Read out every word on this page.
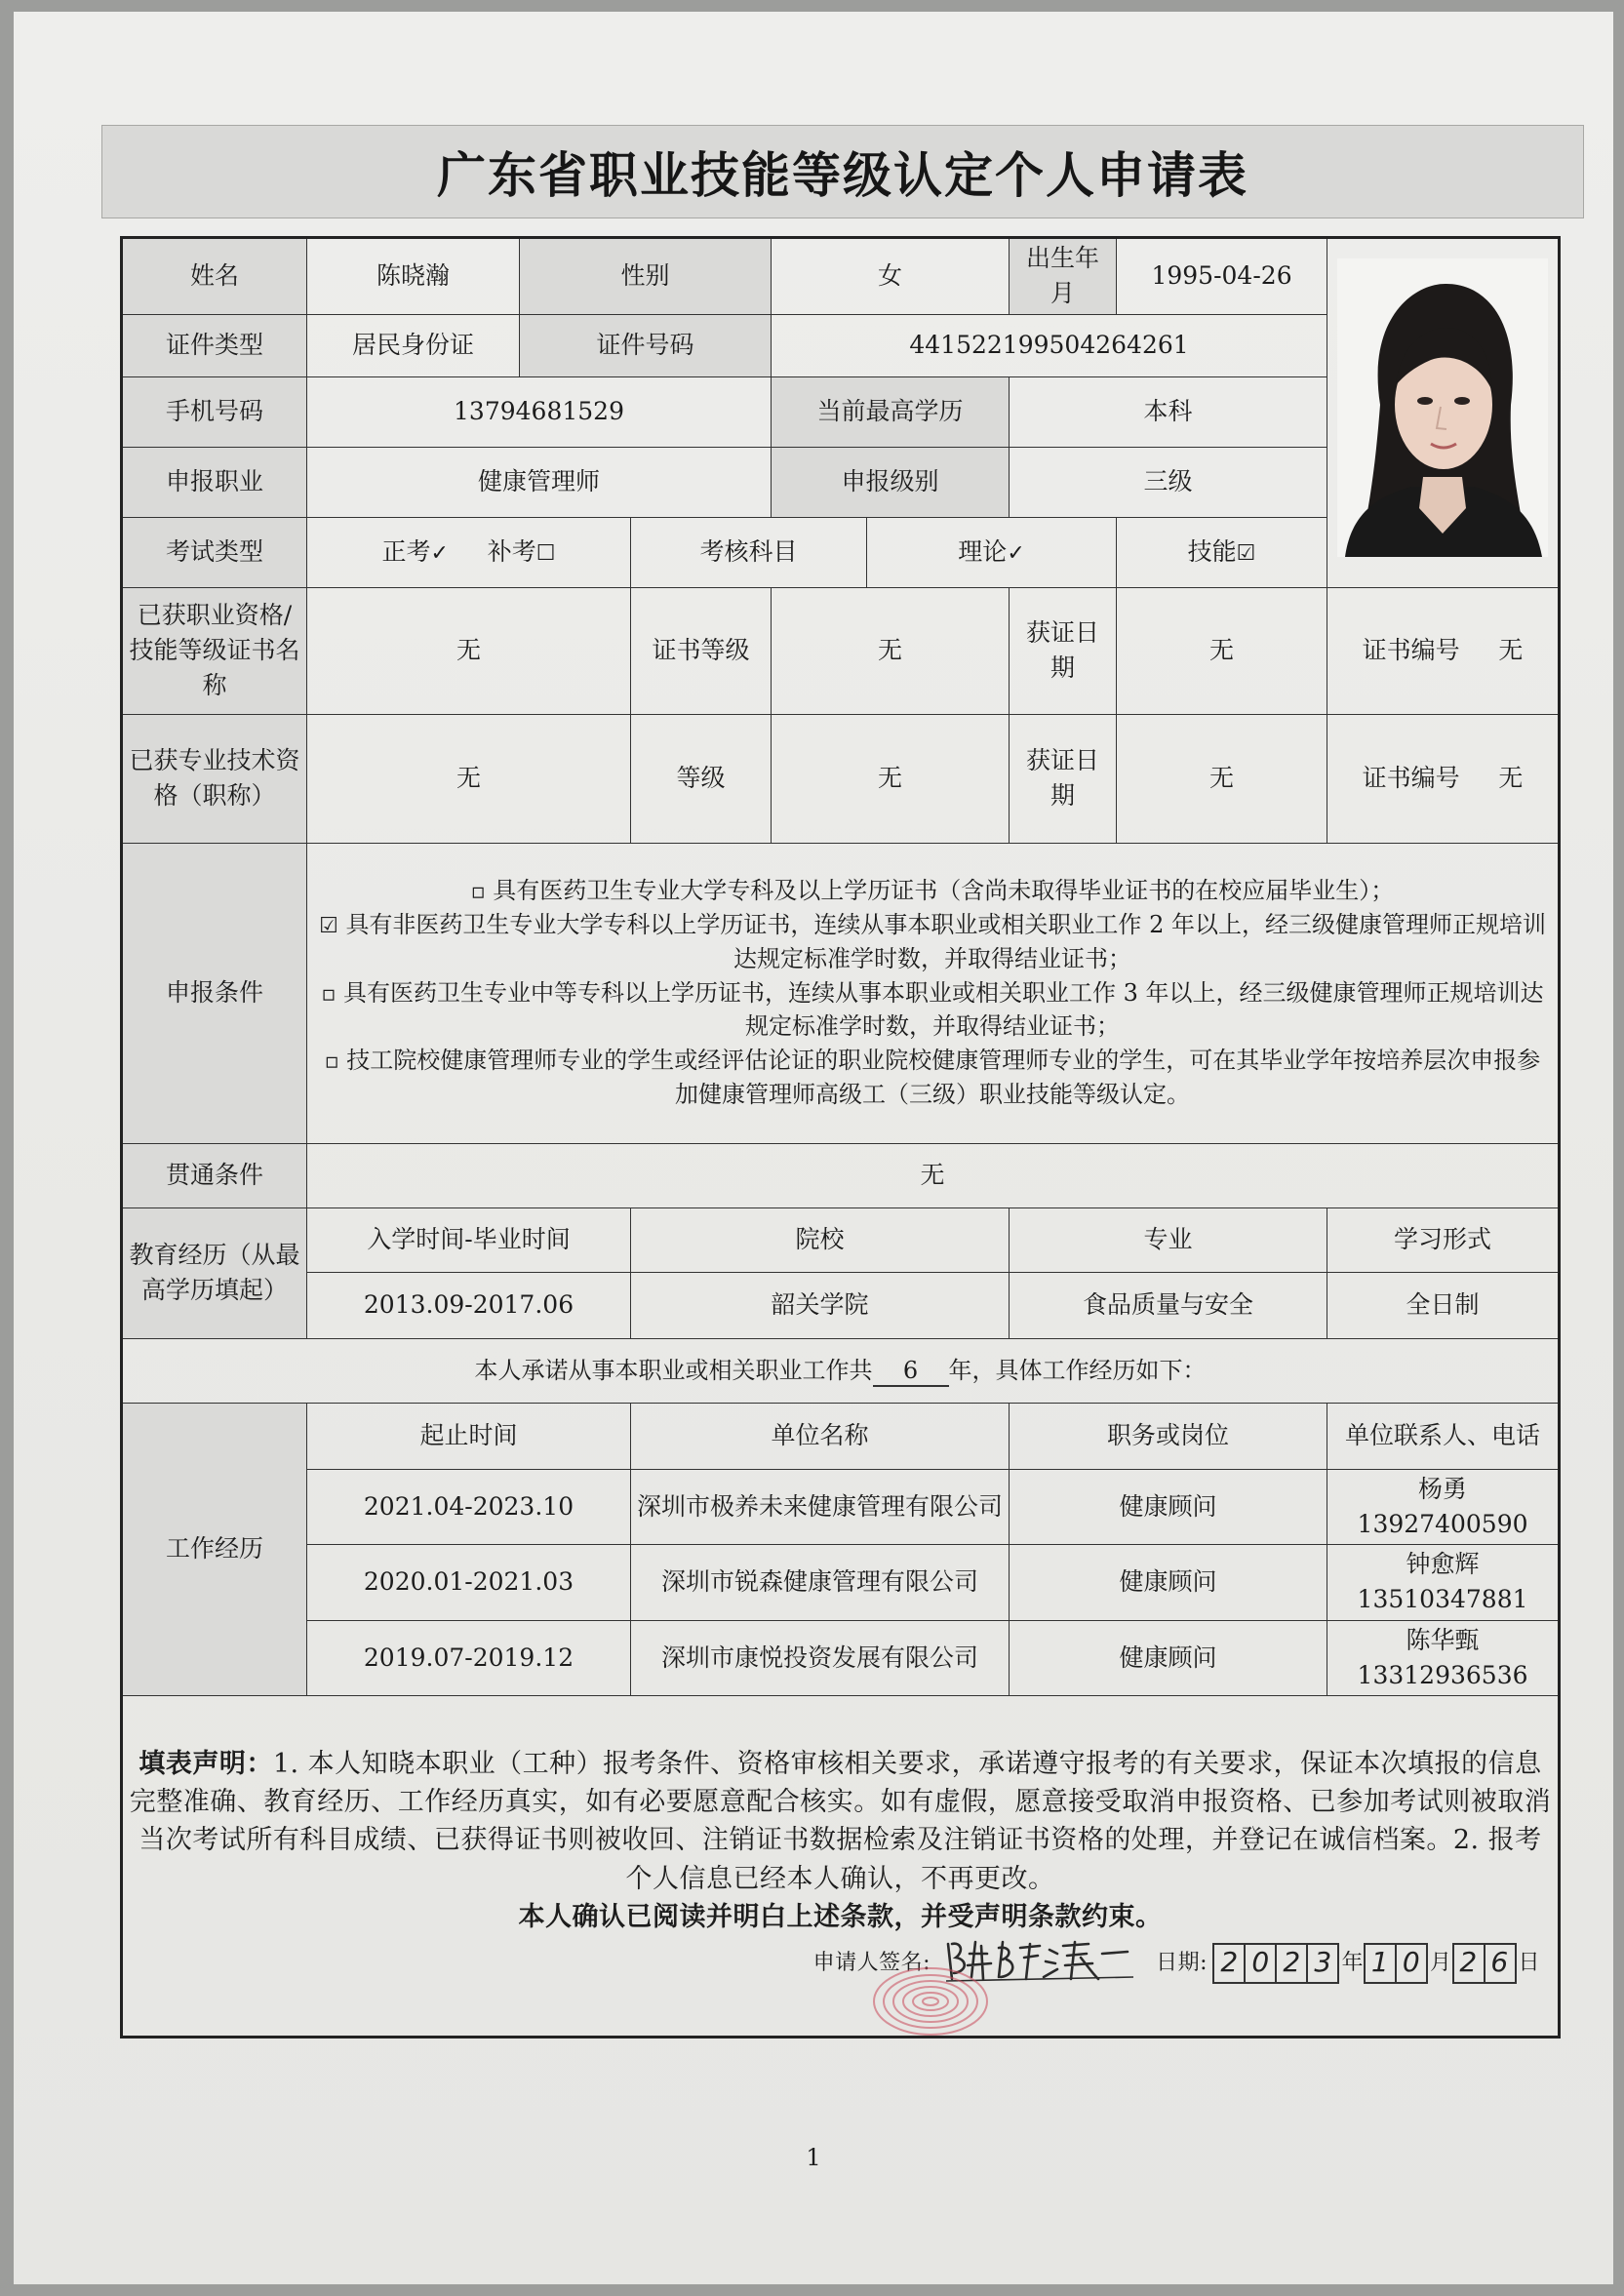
广东省职业技能等级认定个人申请表
姓名	陈晓瀚	性别		女		出生年月	1995-04-26	
证件类型	居民身份证	证件号码		441522199504264261				
手机号码	13794681529			当前最高学历		本科		
申报职业	健康管理师			申报级别		三级		
考试类型	正考✓ 补考☐		考核科目		理论✓		技能☑	
已获职业资格/技能等级证书名称	无		证书等级	无		获证日期	无	证书编号 无
已获专业技术资格（职称）	无		等级	无		获证日期	无	证书编号 无
申报条件	▫ 具有医药卫生专业大学专科及以上学历证书（含尚未取得毕业证书的在校应届毕业生）；
☑ 具有非医药卫生专业大学专科以上学历证书，连续从事本职业或相关职业工作 2 年以上，经三级健康管理师正规培训达规定标准学时数，并取得结业证书；
▫ 具有医药卫生专业中等专科以上学历证书，连续从事本职业或相关职业工作 3 年以上，经三级健康管理师正规培训达规定标准学时数，并取得结业证书；
▫ 技工院校健康管理师专业的学生或经评估论证的职业院校健康管理师专业的学生，可在其毕业学年按培养层次申报参加健康管理师高级工（三级）职业技能等级认定。							

贯通条件	无							
教育经历（从最高学历填起）	入学时间-毕业时间		院校			专业		学习形式
	2013.09-2017.06		韶关学院			食品质量与安全		全日制
本人承诺从事本职业或相关职业工作共 6 年，具体工作经历如下：								
工作经历	起止时间		单位名称			职务或岗位		单位联系人、电话
	2021.04-2023.10		深圳市极养未来健康管理有限公司			健康顾问		杨勇 13927400590
	2020.01-2021.03		深圳市锐森健康管理有限公司			健康顾问		钟愈辉 13510347881
	2019.07-2019.12		深圳市康悦投资发展有限公司			健康顾问		陈华甄 13312936536

填表声明：1. 本人知晓本职业（工种）报考条件、资格审核相关要求，承诺遵守报考的有关要求，保证本次填报的信息完整准确、教育经历、工作经历真实，如有必要愿意配合核实。如有虚假，愿意接受取消申报资格、已参加考试则被取消当次考试所有科目成绩、已获得证书则被收回、注销证书数据检索及注销证书资格的处理，并登记在诚信档案。2. 报考个人信息已经本人确认，不再更改。
本人确认已阅读并明白上述条款，并受声明条款约束。
申请人签名: 日期: 2 0 2 3 年 1 0 月 2 6 日								
1
